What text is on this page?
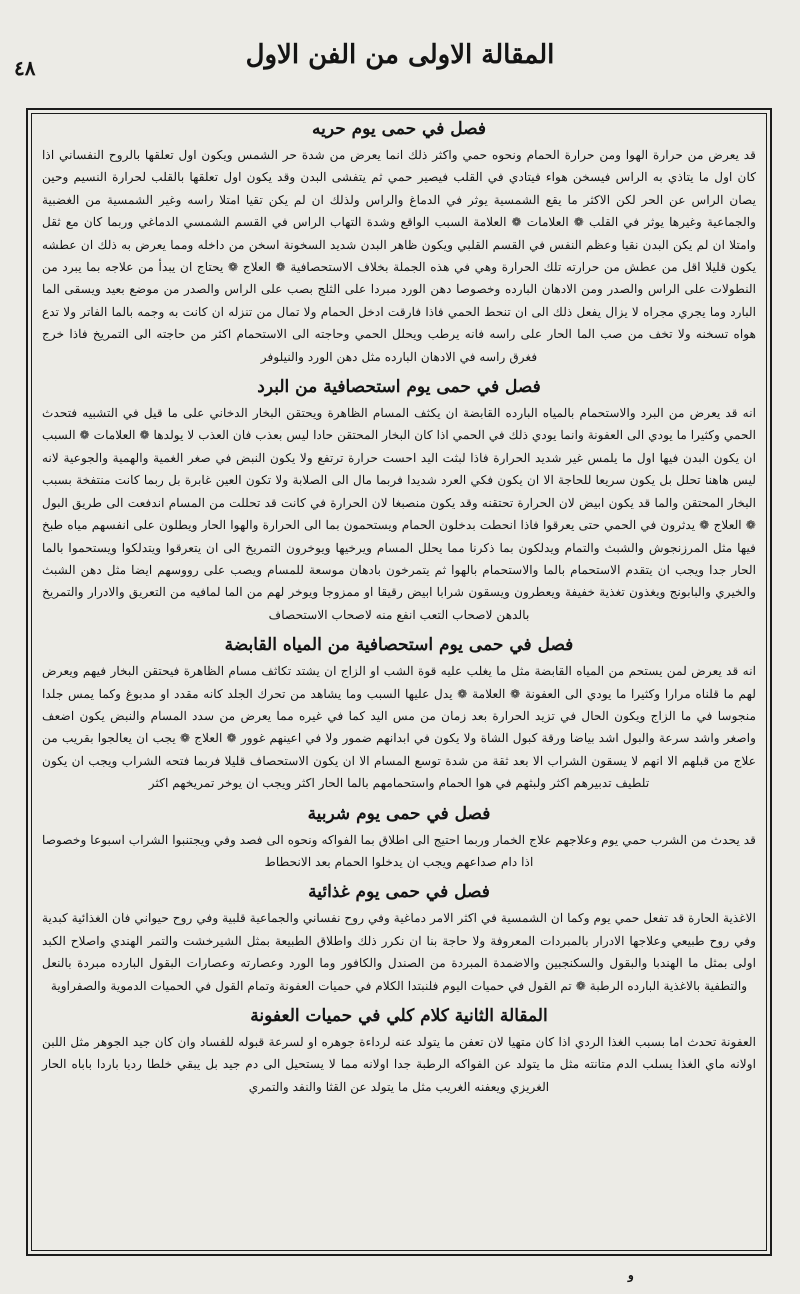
٤٨	المقالة الاولى من الفن الاول
فصل في حمى يوم حريه

قد يعرض من حرارة الهوا ومن حرارة الحمام ونحوه حمي واكثر ذلك انما يعرض من شدة حر الشمس ويكون اول تعلقها بالروح النفساني اذا كان اول ما يتاذي به الراس فيسخن هواء فيتادي في القلب فيصير حمي ثم يتفشى البدن وقد يكون اول تعلقها بالقلب لحرارة النسيم وحين يصان الراس عن الحر لكن الاكثر ما يقع الشمسية يوثر في الدماغ والراس ولذلك ان لم يكن تقيا امتلا راسه وغير الشمسية من الغضبية والجماعية وغيرها يوثر في القلب ❁ العلامات ❁ العلامة السبب الواقع وشدة التهاب الراس في القسم الشمسي الدماغي وربما كان مع ثقل وامتلا ان لم يكن البدن نقيا وعظم النفس في القسم القلبي ويكون ظاهر البدن شديد السخونة اسخن من داخله ومما يعرض به ذلك ان عطشه يكون قليلا اقل من عطش من حرارته تلك الحرارة وهي في هذه الجملة بخلاف الاستحصافية ❁ العلاج ❁ يحتاج ان يبدأ من علاجه بما يبرد من النطولات على الراس والصدر ومن الادهان البارده وخصوصا دهن الورد مبردا على الثلج بصب على الراس والصدر من موضع بعيد ويسقى الما البارد وما يجري مجراه لا يزال يفعل ذلك الى ان تنحط الحمي فاذا فارقت ادخل الحمام ولا تمال من تنزله ان كانت به وجمه بالما الفاتر ولا تدع هواه تسخنه ولا تخف من صب الما الحار على راسه فانه يرطب ويحلل الحمي وحاجته الى الاستحمام اكثر من حاجته الى التمريخ فاذا خرج فغرق راسه في الادهان البارده مثل دهن الورد والنيلوفر

فصل في حمى يوم استحصافية من البرد

انه قد يعرض من البرد والاستحمام بالمياه البارده القابضة ان يكثف المسام الظاهرة ويحتقن البخار الدخاني على ما قيل في التشبيه فتحدث الحمي وكثيرا ما يودي الى العفونة وانما يودي ذلك في الحمي اذا كان البخار المحتقن حادا ليس بعذب فان العذب لا يولدها ❁ العلامات ❁ السبب ان يكون البدن فيها اول ما يلمس غير شديد الحرارة فاذا لبثت اليد احست حرارة ترتفع ولا يكون النبض في صغر الغمية والهمية والجوعية لانه ليس هاهنا تحلل بل يكون سريعا للحاجة الا ان يكون فكي العرد شديدا فربما مال الى الصلابة ولا تكون العين غابرة بل ربما كانت منتفخة بسبب البخار المحتقن والما قد يكون ابيض لان الحرارة تحتقنه وقد يكون منصبغا لان الحرارة في كانت قد تحللت من المسام اندفعت الى طريق البول ❁ العلاج ❁ يدثرون في الحمي حتى يعرقوا فاذا انحطت بدخلون الحمام ويستحمون بما الى الحرارة والهوا الحار ويطلون على انفسهم مياه طبخ فيها مثل المرزنجوش والشبث والتمام ويدلكون بما ذكرنا مما يحلل المسام ويرخيها ويوخرون التمريخ الى ان يتعرقوا ويتدلكوا ويستحموا بالما الحار جدا ويجب ان يتقدم الاستحمام بالما والاستحمام بالهوا ثم يتمرخون بادهان موسعة للمسام ويصب على رووسهم ايضا مثل دهن الشبث والخيري والبابونج ويغذون تغذية خفيفة ويعطرون ويسقون شرابا ابيض رقيقا او ممزوجا ويوخر لهم من الما لمافيه من التعريق والادرار والتمريخ بالدهن لاصحاب التعب انفع منه لاصحاب الاستحصاف

فصل في حمى يوم استحصافية من المياه القابضة

انه قد يعرض لمن يستحم من المياه القابضة مثل ما يغلب عليه قوة الشب او الزاج ان يشتد تكاثف مسام الظاهرة فيحتقن البخار فيهم ويعرض لهم ما قلناه مرارا وكثيرا ما يودي الى العفونة ❁ العلامة ❁ يدل عليها السبب وما يشاهد من تحرك الجلد كانه مقدد او مدبوغ وكما يمس جلدا منجوسا في ما الزاج ويكون الحال في تزيد الحرارة بعد زمان من مس اليد كما في غيره مما يعرض من سدد المسام والنبض يكون اضعف واصغر واشد سرعة والبول اشد بياضا ورقة كبول الشاة ولا يكون في ابدانهم ضمور ولا في اعينهم غوور ❁ العلاج ❁ يجب ان يعالجوا بقريب من علاج من قبلهم الا انهم لا يسقون الشراب الا بعد ثقة من شدة توسع المسام الا ان يكون الاستحصاف قليلا فربما فتحه الشراب ويجب ان يكون تلطيف تدبيرهم اكثر ولبثهم في هوا الحمام واستحمامهم بالما الحار اكثر ويجب ان يوخر تمريخهم اكثر

فصل في حمى يوم شربية

قد يحدث من الشرب حمي يوم وعلاجهم علاج الخمار وربما احتيج الى اطلاق بما الفواكه ونحوه الى فصد وفي ويجتنبوا الشراب اسبوعا وخصوصا اذا دام صداعهم ويجب ان يدخلوا الحمام بعد الانحطاط

فصل في حمى يوم غذائية

الاغذية الحارة قد تفعل حمي يوم وكما ان الشمسية في اكثر الامر دماغية وفي روح نفساني والجماعية قلبية وفي روح حيواني فان الغذائية كبدية وفي روح طبيعي وعلاجها الادرار بالمبردات المعروفة ولا حاجة بنا ان نكرر ذلك واطلاق الطبيعة بمثل الشيرخشت والتمر الهندي واصلاح الكبد اولى بمثل ما الهندبا والبقول والسكنجبين والاضمدة المبردة من الصندل والكافور وما الورد وعصارته وعصارات البقول البارده مبردة بالنعل والتطفية بالاغذية البارده الرطبة ❁ تم القول في حميات اليوم فلنبتدا الكلام في حميات العفونة وتمام القول في الحميات الدموية والصفراوية

المقالة الثانية كلام كلي في حميات العفونة

العفونة تحدث اما بسبب الغذا الردي اذا كان متهيا لان تعفن ما يتولد عنه لرداءة جوهره او لسرعة قبوله للفساد وان كان جيد الجوهر مثل اللبن اولانه ماي الغذا يسلب الدم متانته مثل ما يتولد عن الفواكه الرطبة جدا اولانه مما لا يستحيل الى دم جيد بل يبقي خلطا رديا باردا باباه الحار الغريزي ويعفنه الغريب مثل ما يتولد عن القثا والنفد والتمري

و
